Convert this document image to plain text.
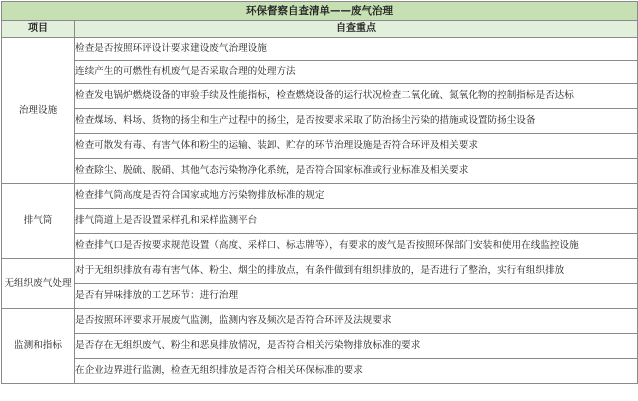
环保督察自查清单——废气治理	
项目	自查重点
治理设施	检查是否按照环评设计要求建设废气治理设施
	连续产生的可燃性有机废气是否采取合理的处理方法
	检查发电锅炉燃烧设备的审验手续及性能指标，检查燃烧设备的运行状况检查二氧化硫、氮氧化物的控制指标是否达标
	检查煤场、料场、货物的扬尘和生产过程中的扬尘，是否按要求采取了防治扬尘污染的措施或设置防扬尘设备
	检查可散发有毒、有害气体和粉尘的运输、装卸、贮存的环节治理设施是否符合环评及相关要求
	检查除尘、脱硫、脱硝、其他气态污染物净化系统，是否符合国家标准或行业标准及相关要求
排气筒	检查排气筒高度是否符合国家或地方污染物排放标准的规定
	排气筒道上是否设置采样孔和采样监测平台
	检查排气口是否按要求规范设置（高度、采样口、标志牌等），有要求的废气是否按照环保部门安装和使用在线监控设施
无组织废气处理	对于无组织排放有毒有害气体、粉尘、烟尘的排放点，有条件做到有组织排放的，是否进行了整治，实行有组织排放
	是否有异味排放的工艺环节：进行治理
监测和指标	是否按照环评要求开展废气监测，监测内容及频次是否符合环评及法规要求
	是否存在无组织废气、粉尘和恶臭排放情况，是否符合相关污染物排放标准的要求
	在企业边界进行监测，检查无组织排放是否符合相关环保标准的要求
